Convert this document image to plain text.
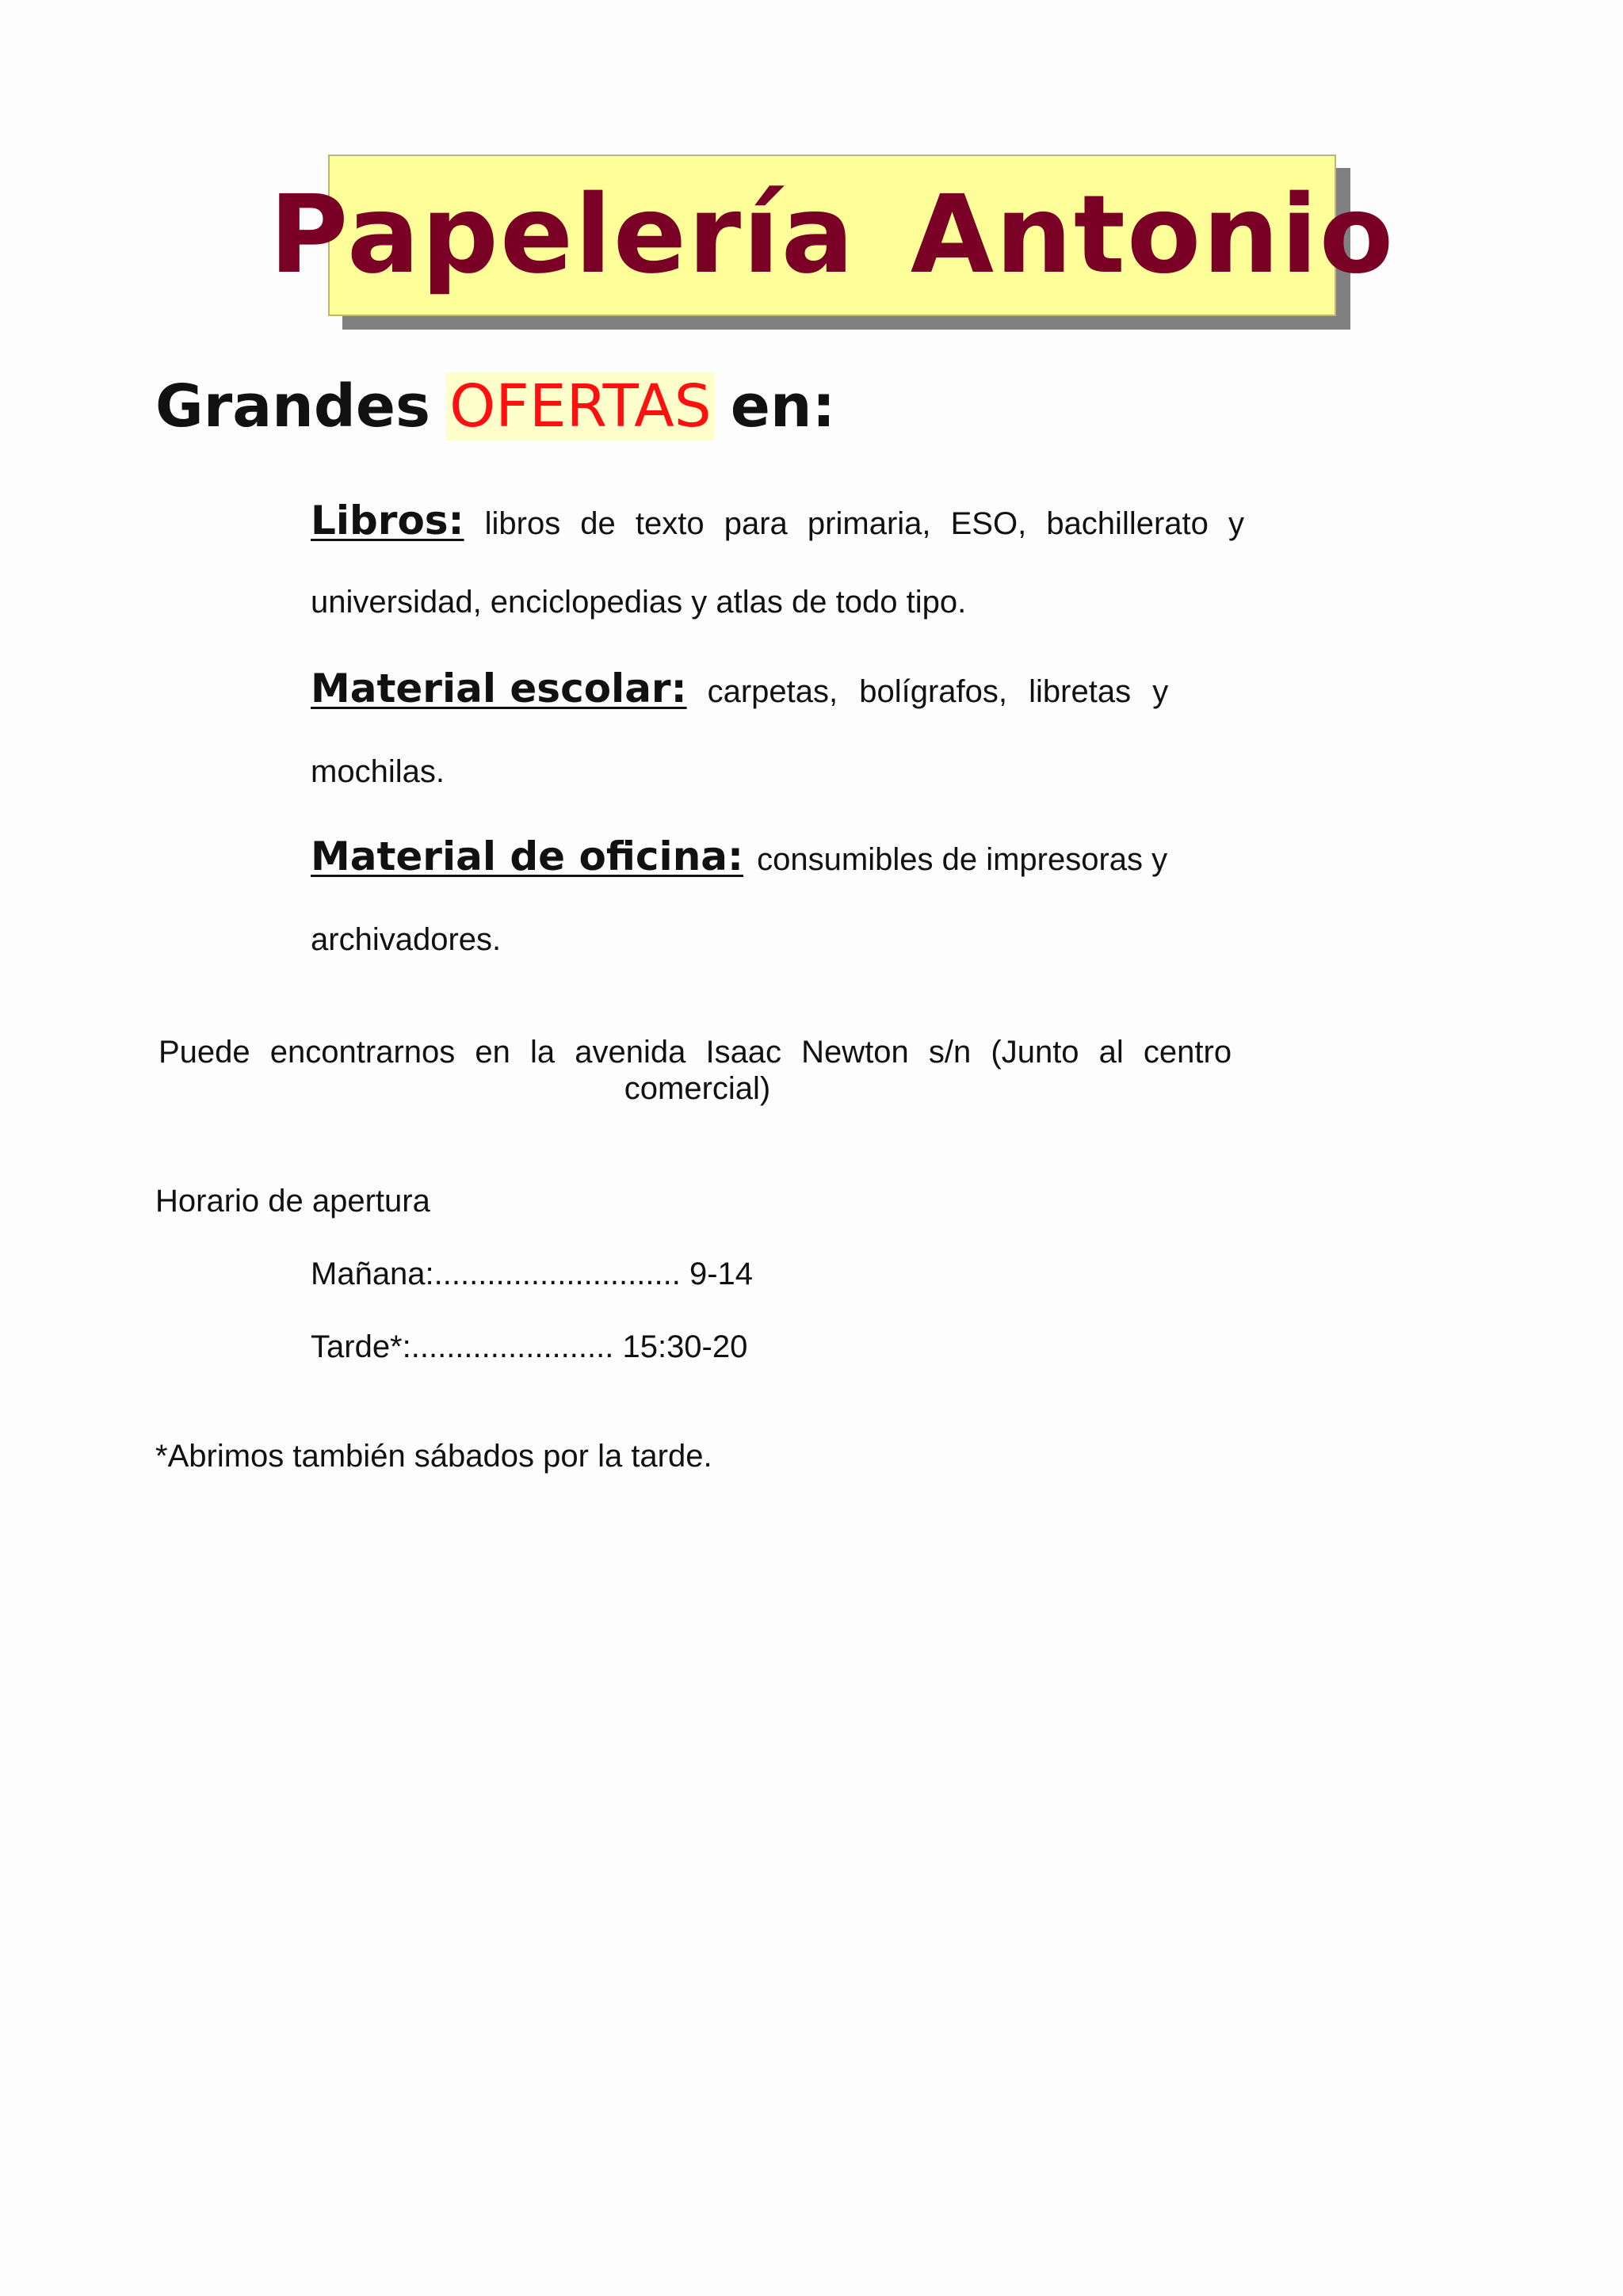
Papelería Antonio
Grandes OFERTAS en:
Libros: libros de texto para primaria, ESO, bachillerato y
universidad, enciclopedias y atlas de todo tipo.
Material escolar: carpetas, bolígrafos, libretas y
mochilas.
Material de oficina: consumibles de impresoras y
archivadores.
Puede encontrarnos en la avenida Isaac Newton s/n (Junto al centro
comercial)
Horario de apertura
Mañana:............................ 9-14
Tarde*:....................... 15:30-20
*Abrimos también sábados por la tarde.
